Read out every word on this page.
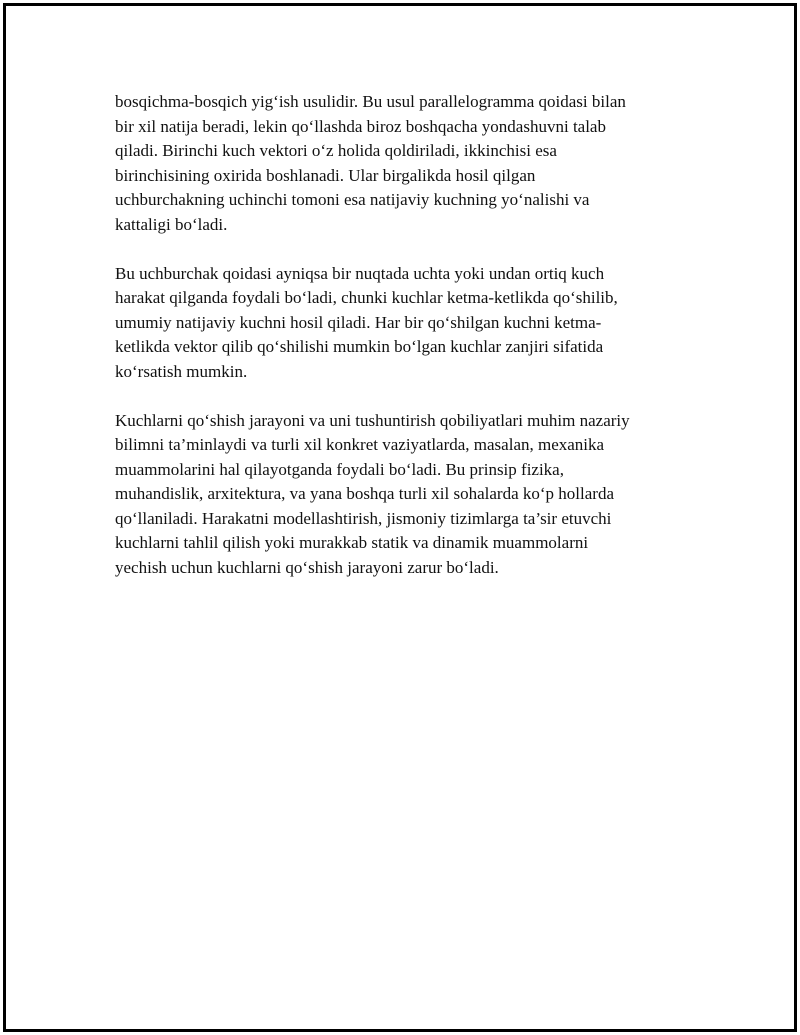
bosqichma-bosqich yig‘ish usulidir. Bu usul parallelogramma qoidasi bilan
bir xil natija beradi, lekin qo‘llashda biroz boshqacha yondashuvni talab
qiladi. Birinchi kuch vektori o‘z holida qoldiriladi, ikkinchisi esa
birinchisining oxirida boshlanadi. Ular birgalikda hosil qilgan
uchburchakning uchinchi tomoni esa natijaviy kuchning yo‘nalishi va
kattaligi bo‘ladi.

Bu uchburchak qoidasi ayniqsa bir nuqtada uchta yoki undan ortiq kuch
harakat qilganda foydali bo‘ladi, chunki kuchlar ketma-ketlikda qo‘shilib,
umumiy natijaviy kuchni hosil qiladi. Har bir qo‘shilgan kuchni ketma-
ketlikda vektor qilib qo‘shilishi mumkin bo‘lgan kuchlar zanjiri sifatida
ko‘rsatish mumkin.

Kuchlarni qo‘shish jarayoni va uni tushuntirish qobiliyatlari muhim nazariy
bilimni ta’minlaydi va turli xil konkret vaziyatlarda, masalan, mexanika
muammolarini hal qilayotganda foydali bo‘ladi. Bu prinsip fizika,
muhandislik, arxitektura, va yana boshqa turli xil sohalarda ko‘p hollarda
qo‘llaniladi. Harakatni modellashtirish, jismoniy tizimlarga ta’sir etuvchi
kuchlarni tahlil qilish yoki murakkab statik va dinamik muammolarni
yechish uchun kuchlarni qo‘shish jarayoni zarur bo‘ladi.
